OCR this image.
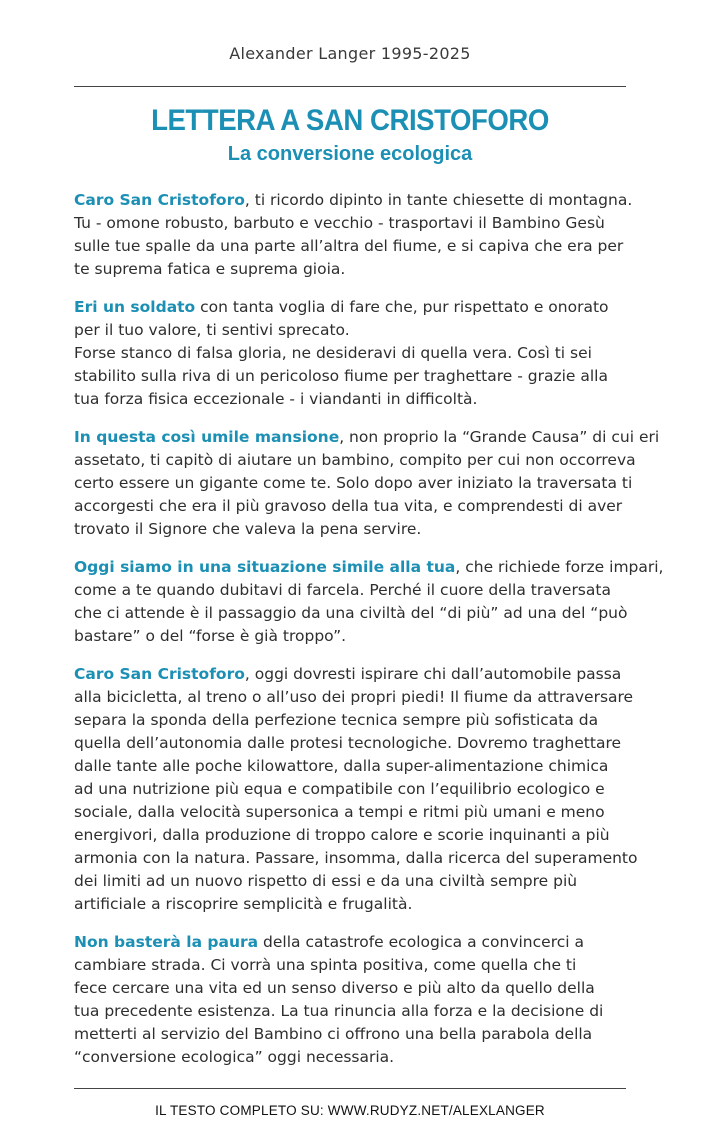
Alexander Langer 1995-2025
LETTERA A SAN CRISTOFORO
La conversione ecologica

Caro San Cristoforo, ti ricordo dipinto in tante chiesette di montagna.
Tu - omone robusto, barbuto e vecchio - trasportavi il Bambino Gesù
sulle tue spalle da una parte all’altra del fiume, e si capiva che era per
te suprema fatica e suprema gioia.

Eri un soldato con tanta voglia di fare che, pur rispettato e onorato
per il tuo valore, ti sentivi sprecato.
Forse stanco di falsa gloria, ne desideravi di quella vera. Così ti sei
stabilito sulla riva di un pericoloso fiume per traghettare - grazie alla
tua forza fisica eccezionale - i viandanti in difficoltà.

In questa così umile mansione, non proprio la “Grande Causa” di cui eri
assetato, ti capitò di aiutare un bambino, compito per cui non occorreva
certo essere un gigante come te. Solo dopo aver iniziato la traversata ti
accorgesti che era il più gravoso della tua vita, e comprendesti di aver
trovato il Signore che valeva la pena servire.

Oggi siamo in una situazione simile alla tua, che richiede forze impari,
come a te quando dubitavi di farcela. Perché il cuore della traversata
che ci attende è il passaggio da una civiltà del “di più” ad una del “può
bastare” o del “forse è già troppo”.

Caro San Cristoforo, oggi dovresti ispirare chi dall’automobile passa
alla bicicletta, al treno o all’uso dei propri piedi! Il fiume da attraversare
separa la sponda della perfezione tecnica sempre più sofisticata da
quella dell’autonomia dalle protesi tecnologiche. Dovremo traghettare
dalle tante alle poche kilowattore, dalla super-alimentazione chimica
ad una nutrizione più equa e compatibile con l’equilibrio ecologico e
sociale, dalla velocità supersonica a tempi e ritmi più umani e meno
energivori, dalla produzione di troppo calore e scorie inquinanti a più
armonia con la natura. Passare, insomma, dalla ricerca del superamento
dei limiti ad un nuovo rispetto di essi e da una civiltà sempre più
artificiale a riscoprire semplicità e frugalità.

Non basterà la paura della catastrofe ecologica a convincerci a
cambiare strada. Ci vorrà una spinta positiva, come quella che ti
fece cercare una vita ed un senso diverso e più alto da quello della
tua precedente esistenza. La tua rinuncia alla forza e la decisione di
metterti al servizio del Bambino ci offrono una bella parabola della
“conversione ecologica” oggi necessaria.

IL TESTO COMPLETO SU: WWW.RUDYZ.NET/ALEXLANGER
